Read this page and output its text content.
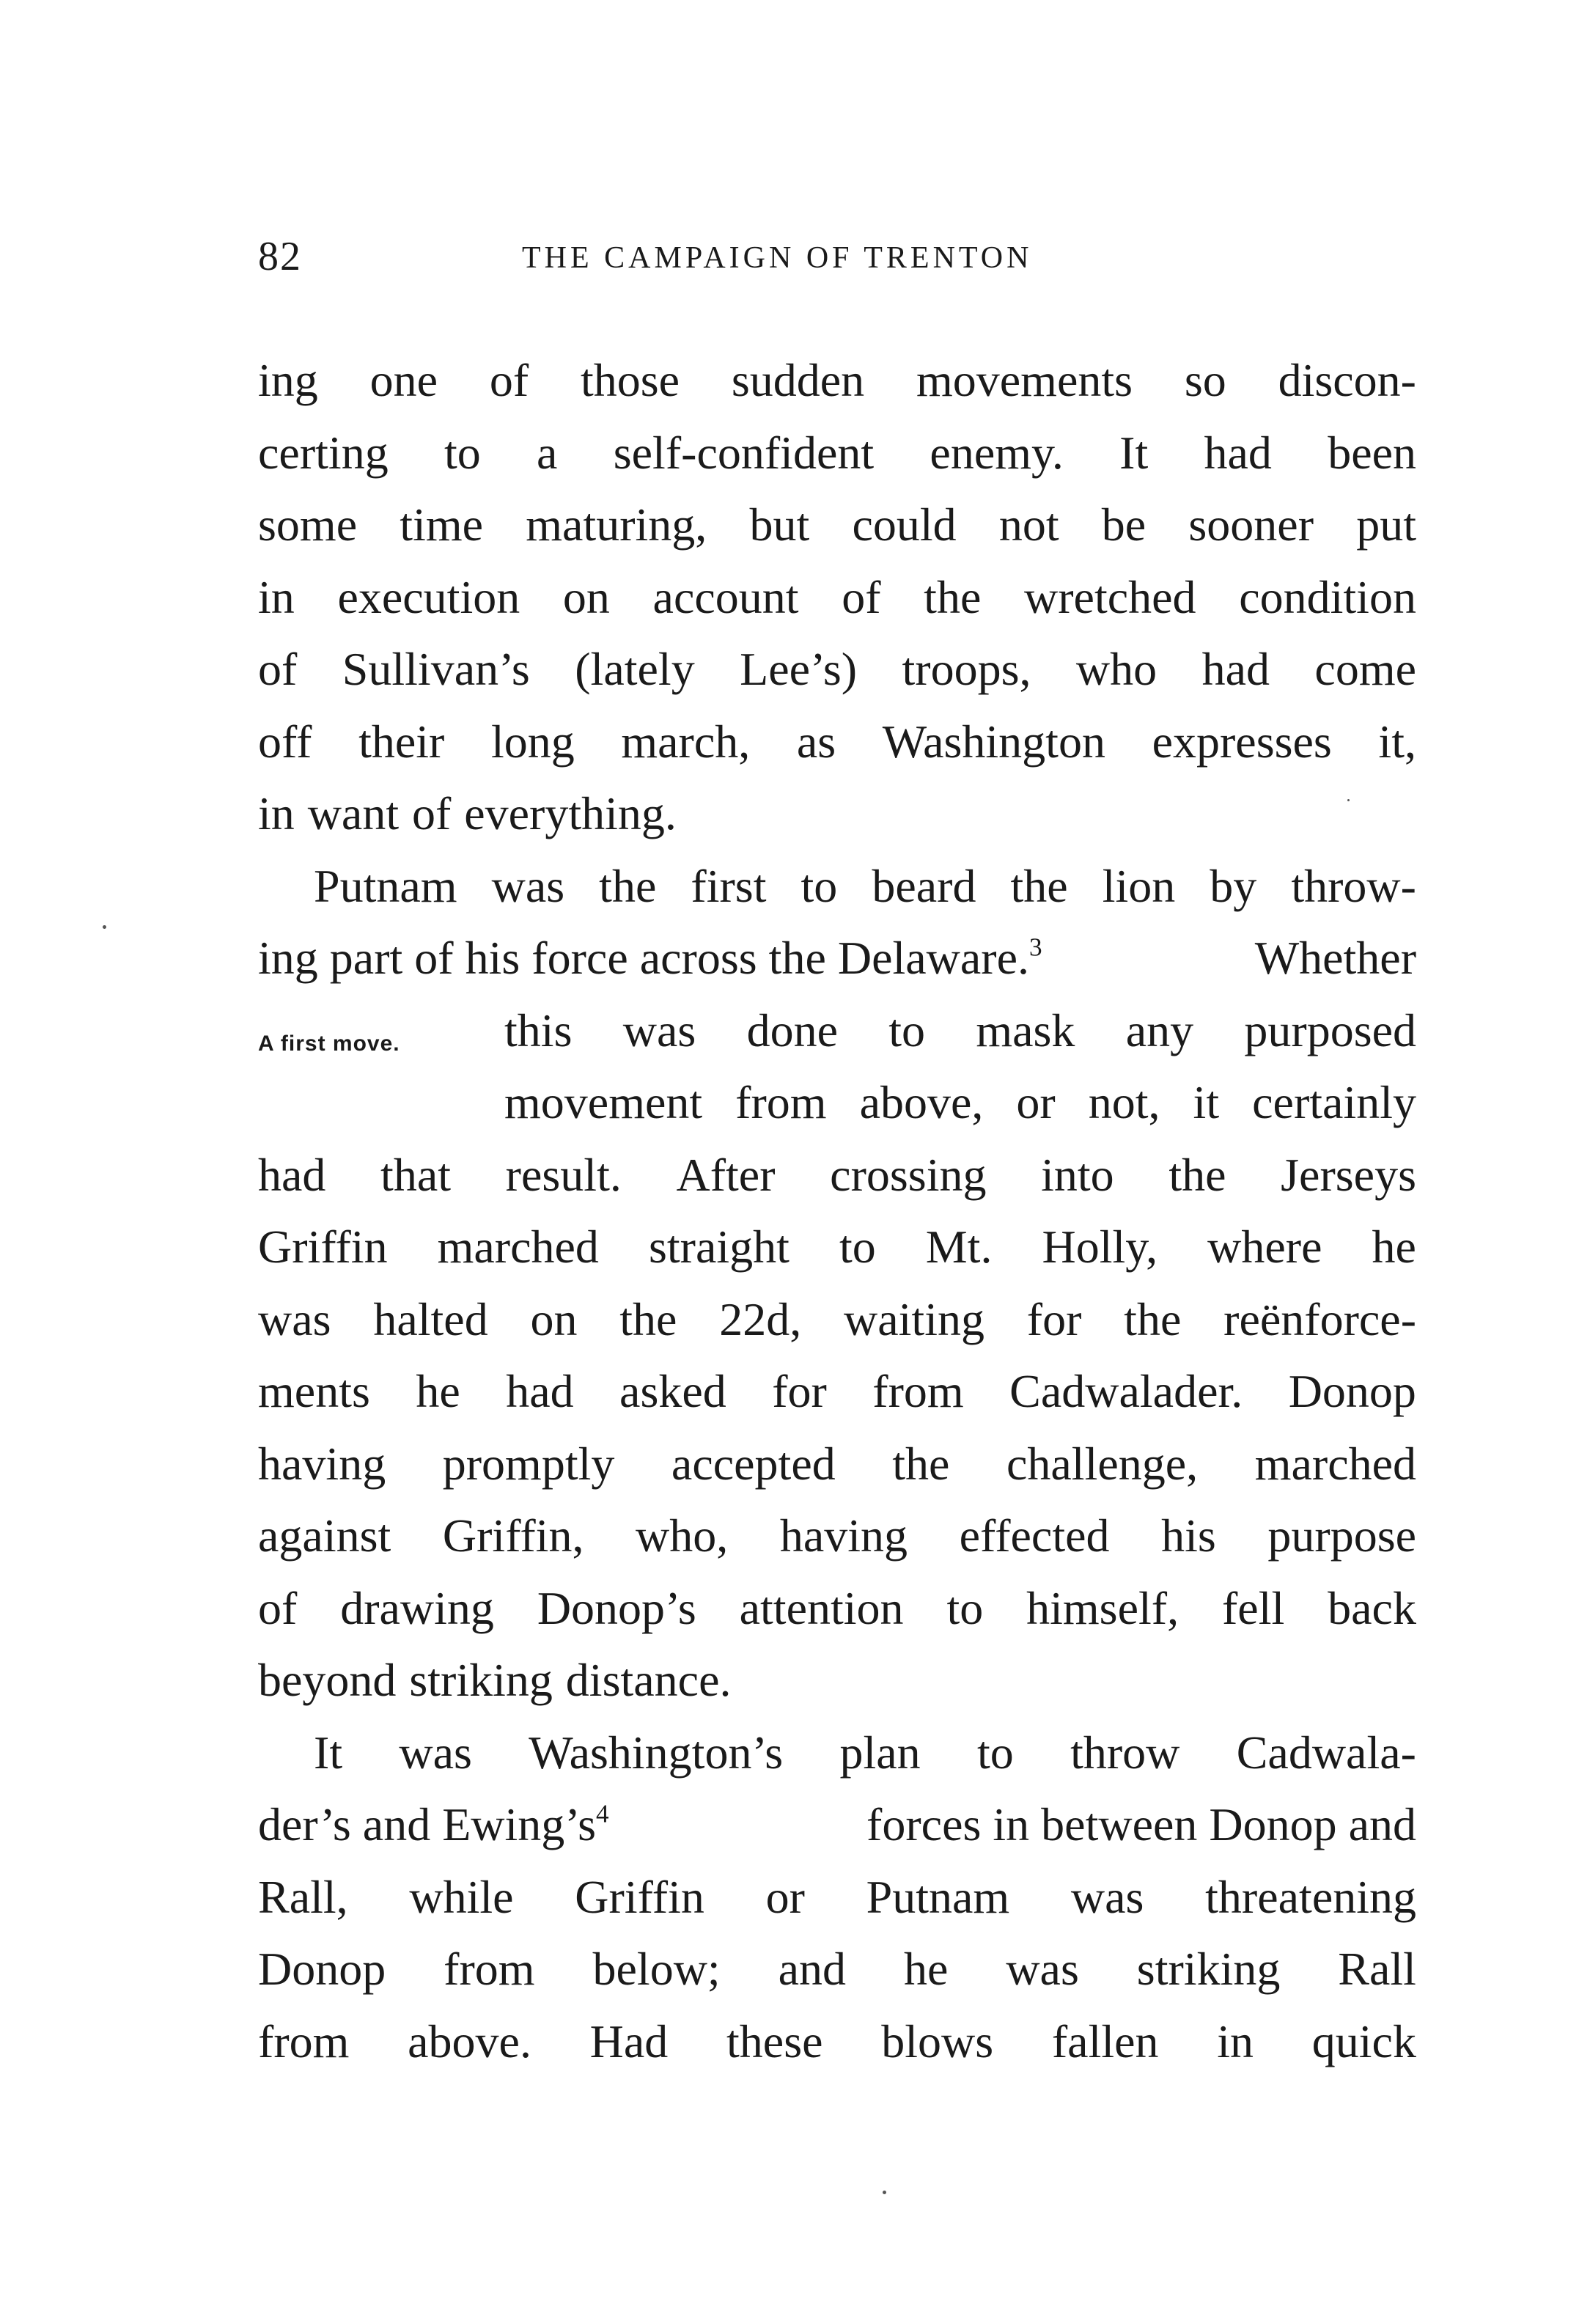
82	THE CAMPAIGN OF TRENTON
A first move.
ing one of those sudden movements so discon-
certing to a self-confident enemy. It had been
some time maturing, but could not be sooner put
in execution on account of the wretched condition
of Sullivan’s (lately Lee’s) troops, who had come
off their long march, as Washington expresses it,
in want of everything.
Putnam was the first to beard the lion by throw-
ing part of his force across the Delaware.$^3$	Whether
this was done to mask any purposed
movement from above, or not, it certainly
had that result. After crossing into the Jerseys
Griffin marched straight to Mt. Holly, where he
was halted on the 22d, waiting for the reënforce-
ments he had asked for from Cadwalader. Donop
having promptly accepted the challenge, marched
against Griffin, who, having effected his purpose
of drawing Donop’s attention to himself, fell back
beyond striking distance.
It was Washington’s plan to throw Cadwala-
der’s and $Ewing’s^4$	forces in between Donop and
Rall, while Griffin or Putnam was threatening
Donop from below; and he was striking Rall
from above. Had these blows fallen in quick
